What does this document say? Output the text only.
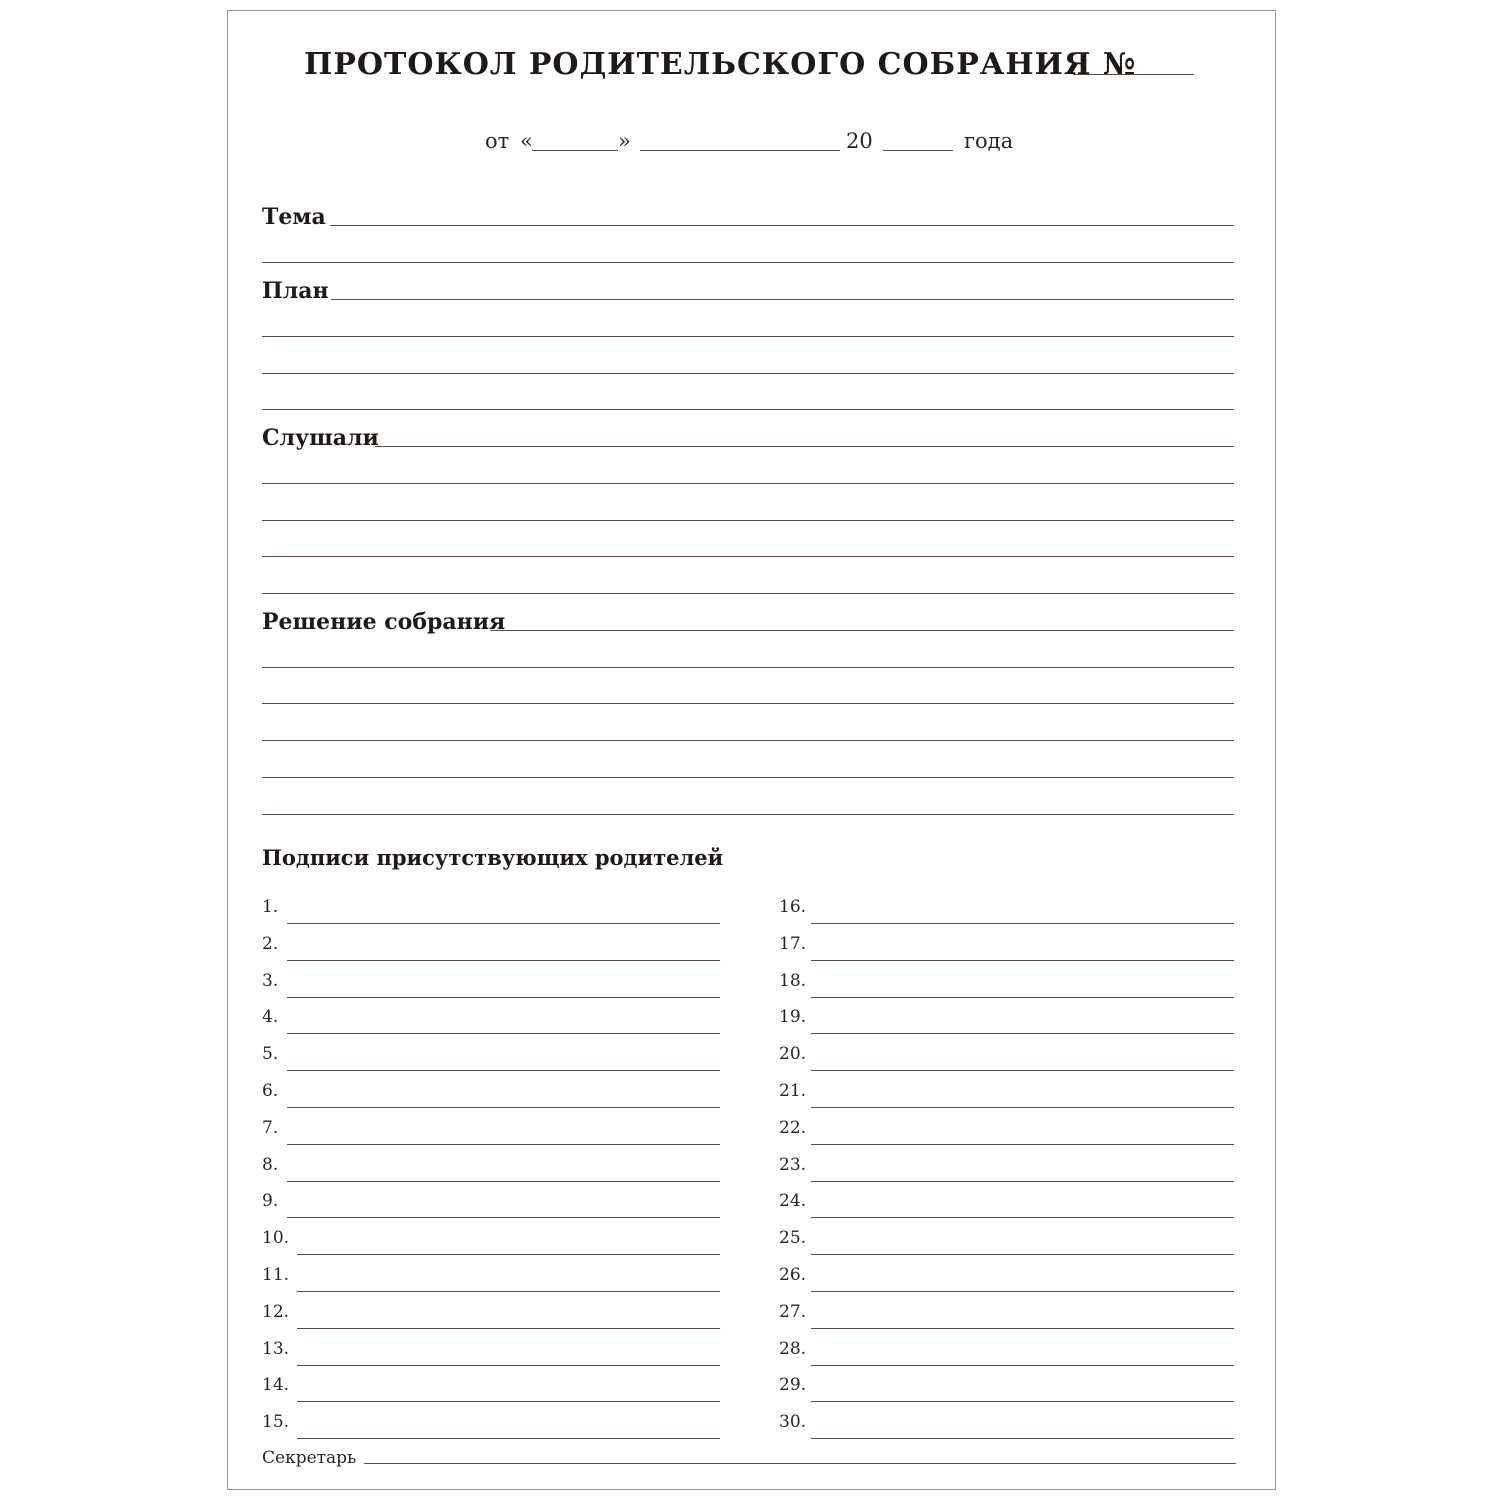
ПРОТОКОЛ РОДИТЕЛЬСКОГО СОБРАНИЯ №
от «	»	20	года
Тема
План
Слушали
Решение собрания
Подписи присутствующих родителей
1.
2.
3.
4.
5.
6.
7.
8.
9.
10.
11.
12.
13.
14.
15.
16.
17.
18.
19.
20.
21.
22.
23.
24.
25.
26.
27.
28.
29.
30.
Секретарь
